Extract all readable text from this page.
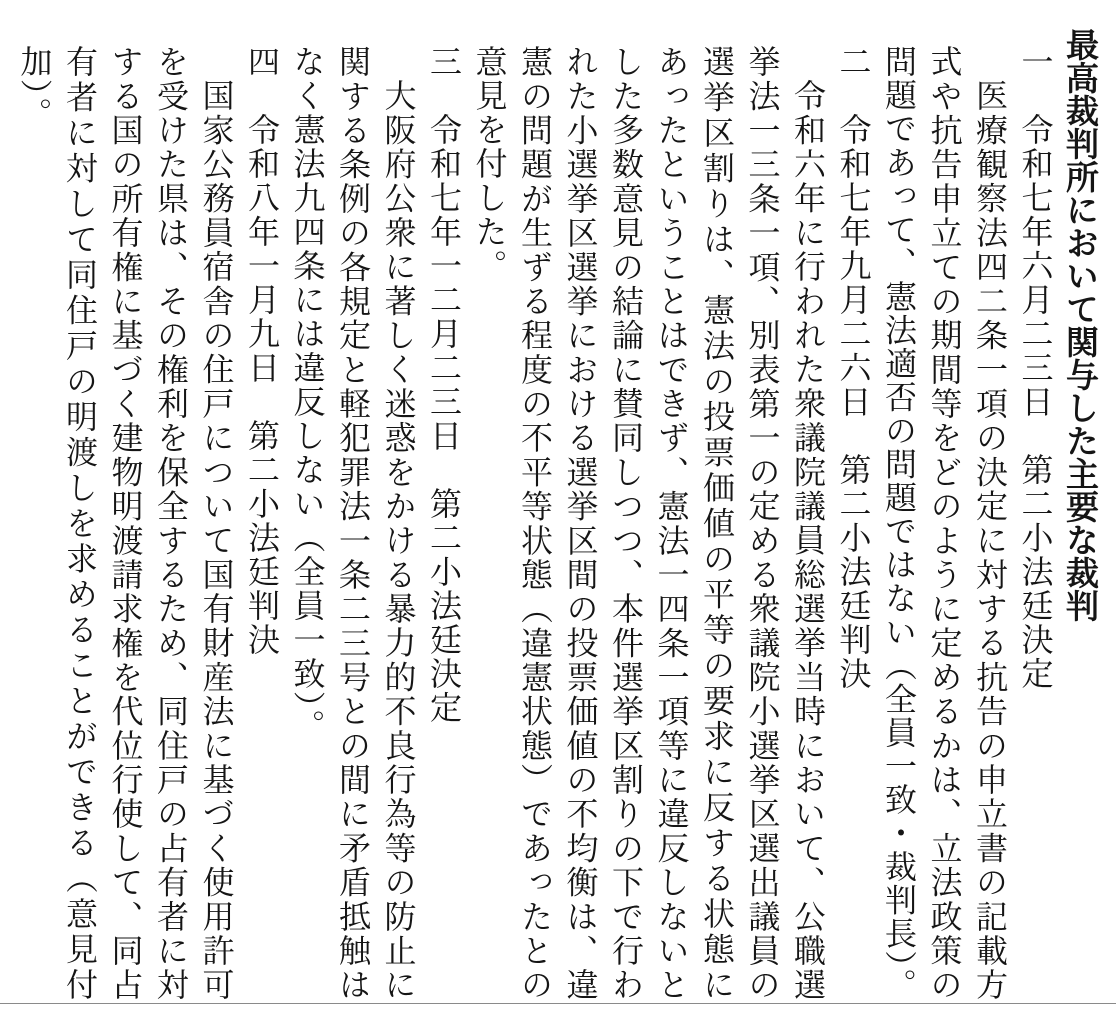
最高裁判所において関与した主要な裁判
一令和七年六月二三日第二小法廷決定
医療観察法四二条一項の決定に対する抗告の申立書の記載方
式や抗告申立ての期間等をどのように定めるかは、立法政策の
問題であって、憲法適否の問題ではない（全員一致・裁判長）。
二令和七年九月二六日第二小法廷判決
令和六年に行われた衆議院議員総選挙当時において、公職選
挙法一三条一項、別表第一の定める衆議院小選挙区選出議員の
選挙区割りは、憲法の投票価値の平等の要求に反する状態に
あったということはできず、憲法一四条一項等に違反しないと
した多数意見の結論に賛同しつつ、本件選挙区割りの下で行わ
れた小選挙区選挙における選挙区間の投票価値の不均衡は、違
憲の問題が生ずる程度の不平等状態（違憲状態）であったとの
意見を付した。
三令和七年一二月二三日第二小法廷決定
大阪府公衆に著しく迷惑をかける暴力的不良行為等の防止に
関する条例の各規定と軽犯罪法一条二三号との間に矛盾抵触は
なく憲法九四条には違反しない（全員一致）。
四令和八年一月九日第二小法廷判決
国家公務員宿舎の住戸について国有財産法に基づく使用許可
を受けた県は、その権利を保全するため、同住戸の占有者に対
する国の所有権に基づく建物明渡請求権を代位行使して、同占
有者に対して同住戸の明渡しを求めることができる（意見付
加）。
